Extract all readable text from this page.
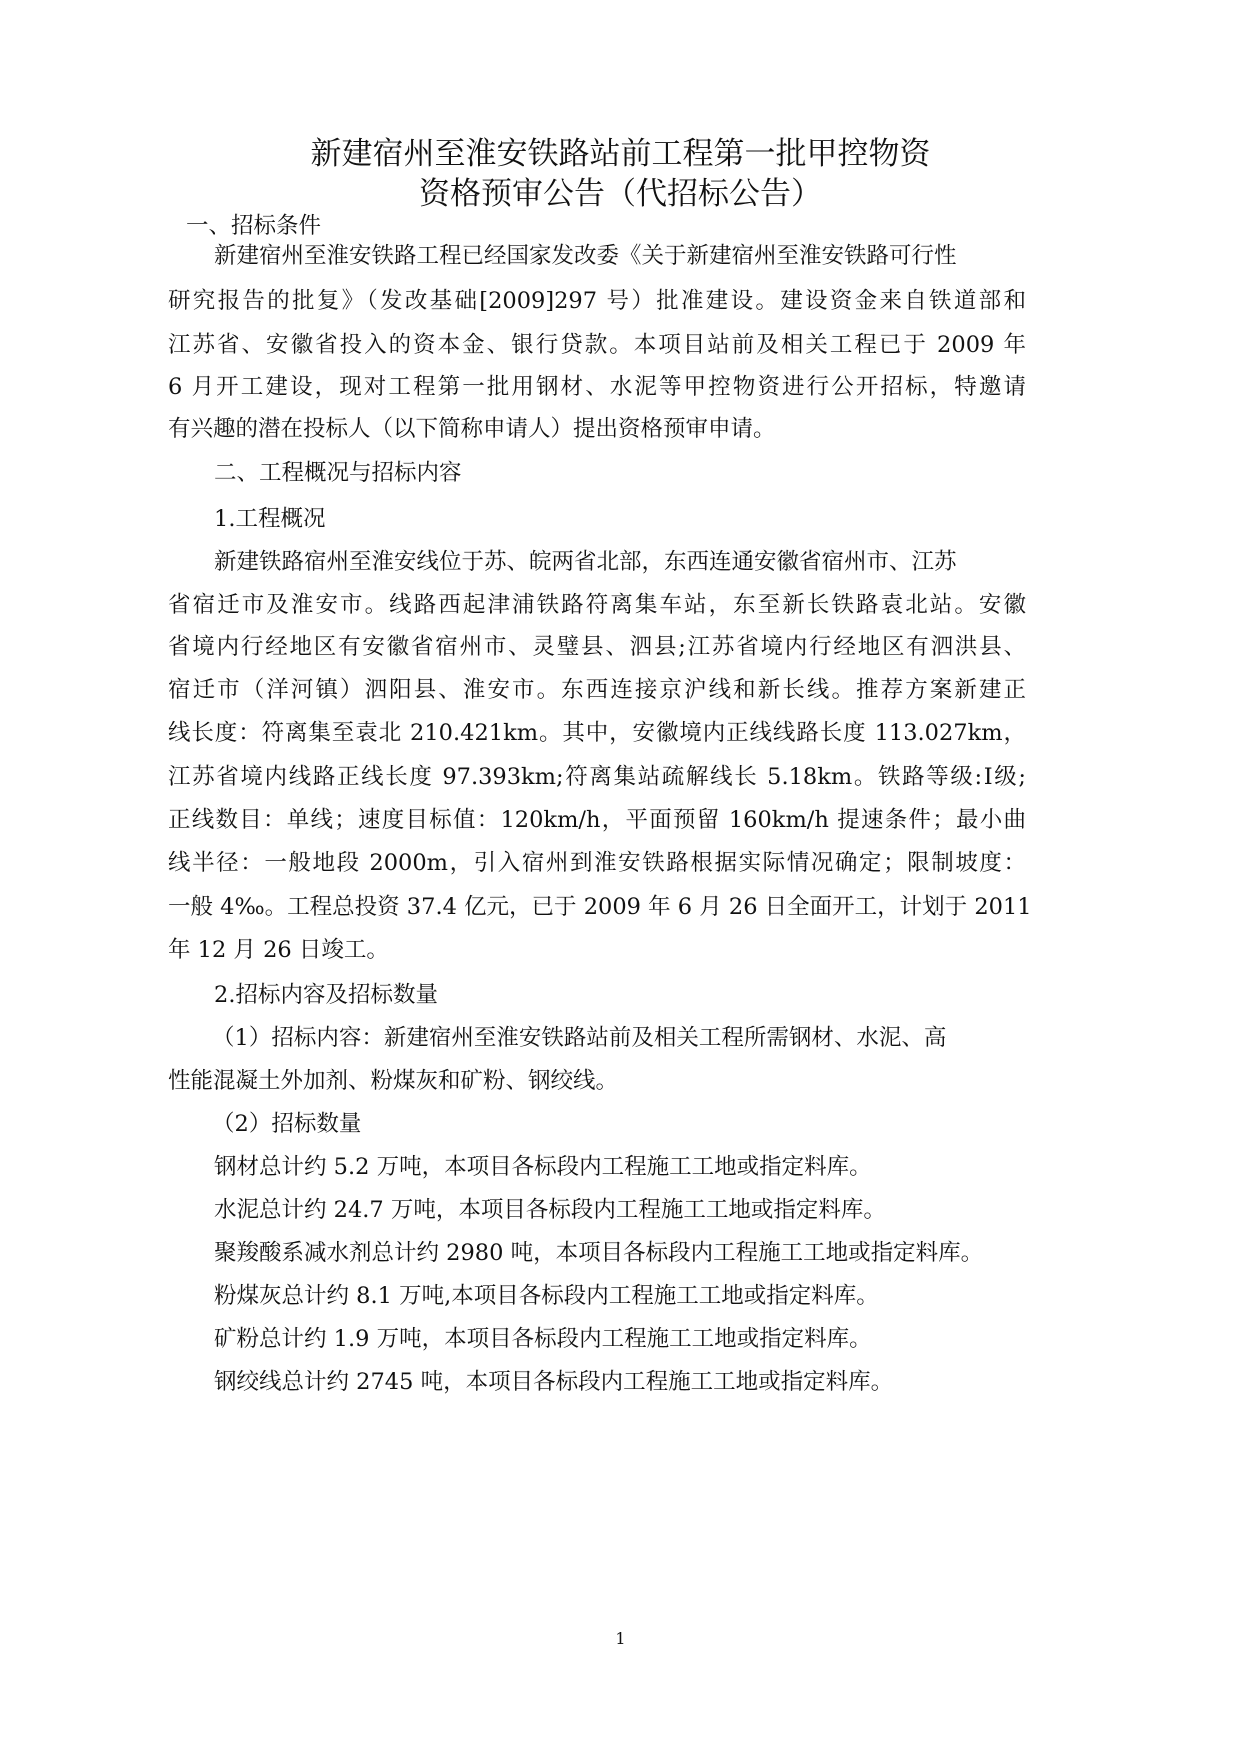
新建宿州至淮安铁路站前工程第一批甲控物资
资格预审公告（代招标公告）
一、招标条件
新建宿州至淮安铁路工程已经国家发改委《关于新建宿州至淮安铁路可行性
研究报告的批复》（发改基础[2009]297 号）批准建设。建设资金来自铁道部和
江苏省、安徽省投入的资本金、银行贷款。本项目站前及相关工程已于 2009 年
6 月开工建设，现对工程第一批用钢材、水泥等甲控物资进行公开招标，特邀请
有兴趣的潜在投标人（以下简称申请人）提出资格预审申请。
二、工程概况与招标内容
1.工程概况
新建铁路宿州至淮安线位于苏、皖两省北部，东西连通安徽省宿州市、江苏
省宿迁市及淮安市。线路西起津浦铁路符离集车站，东至新长铁路袁北站。安徽
省境内行经地区有安徽省宿州市、灵璧县、泗县;江苏省境内行经地区有泗洪县、
宿迁市（洋河镇）泗阳县、淮安市。东西连接京沪线和新长线。推荐方案新建正
线长度：符离集至袁北 210.421km。其中，安徽境内正线线路长度 113.027km，
江苏省境内线路正线长度 97.393km;符离集站疏解线长 5.18km。铁路等级:Ⅰ级;
正线数目：单线；速度目标值：120km/h，平面预留 160km/h 提速条件；最小曲
线半径：一般地段 2000m，引入宿州到淮安铁路根据实际情况确定；限制坡度：
一般 4‰。工程总投资 37.4 亿元，已于 2009 年 6 月 26 日全面开工，计划于 2011
年 12 月 26 日竣工。
2.招标内容及招标数量
（1）招标内容：新建宿州至淮安铁路站前及相关工程所需钢材、水泥、高
性能混凝土外加剂、粉煤灰和矿粉、钢绞线。
（2）招标数量
钢材总计约 5.2 万吨，本项目各标段内工程施工工地或指定料库。
水泥总计约 24.7 万吨，本项目各标段内工程施工工地或指定料库。
聚羧酸系减水剂总计约 2980 吨，本项目各标段内工程施工工地或指定料库。
粉煤灰总计约 8.1 万吨,本项目各标段内工程施工工地或指定料库。
矿粉总计约 1.9 万吨，本项目各标段内工程施工工地或指定料库。
钢绞线总计约 2745 吨，本项目各标段内工程施工工地或指定料库。
1
